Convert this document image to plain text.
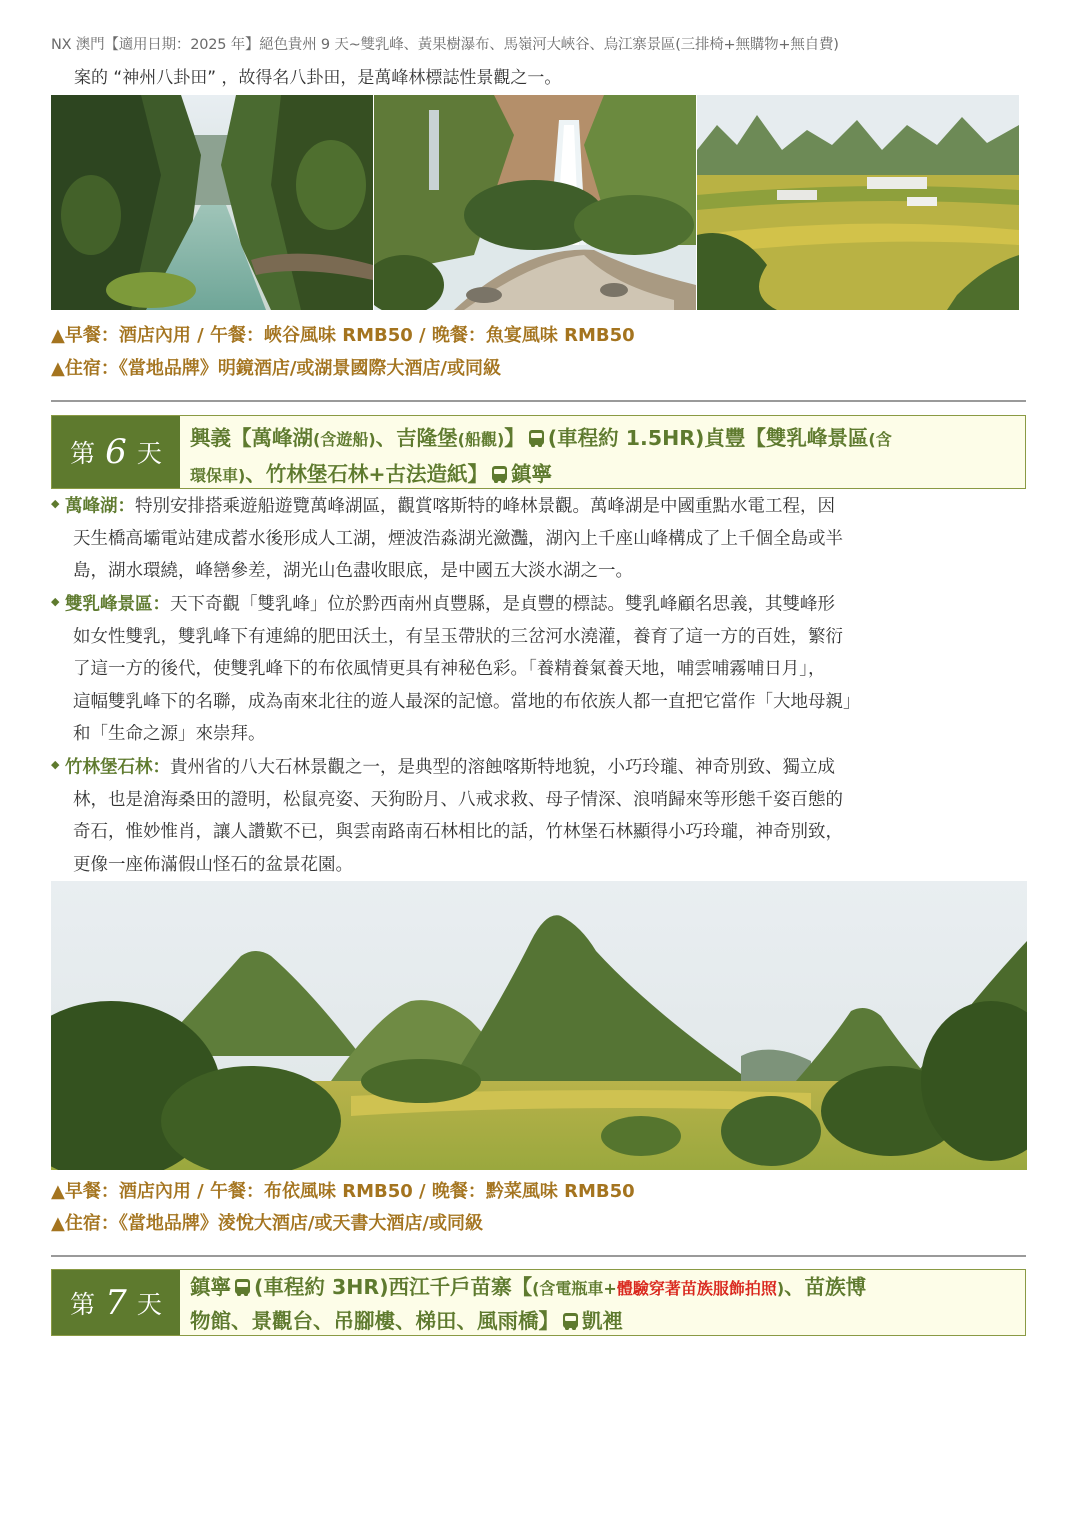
NX 澳門【適用日期：2025 年】絕色貴州 9 天~雙乳峰、黃果樹瀑布、馬嶺河大峽谷、烏江寨景區(三排椅+無購物+無自費)
案的 “神州八卦田” ，故得名八卦田，是萬峰林標誌性景觀之一。
▲早餐：酒店內用 / 午餐：峽谷風味 RMB50 / 晚餐：魚宴風味 RMB50
▲住宿：《當地品牌》明鏡酒店/或湖景國際大酒店/或同級
第 6 天
興義【萬峰湖(含遊船)、吉隆堡(船觀)】 (車程約 1.5HR)貞豐【雙乳峰景區(含
環保車)、竹林堡石林+古法造紙】 鎮寧
◆ 萬峰湖：特別安排搭乘遊船遊覽萬峰湖區，觀賞喀斯特的峰林景觀。萬峰湖是中國重點水電工程，因
天生橋高壩電站建成蓄水後形成人工湖，煙波浩淼湖光瀲灩，湖內上千座山峰構成了上千個全島或半
島，湖水環繞，峰巒參差，湖光山色盡收眼底，是中國五大淡水湖之一。
◆ 雙乳峰景區：天下奇觀「雙乳峰」位於黔西南州貞豐縣，是貞豐的標誌。雙乳峰顧名思義，其雙峰形
如女性雙乳，雙乳峰下有連綿的肥田沃土，有呈玉帶狀的三岔河水澆灌，養育了這一方的百姓，繁衍
了這一方的後代，使雙乳峰下的布依風情更具有神秘色彩。「養精養氣養天地，哺雲哺霧哺日月」，
這幅雙乳峰下的名聯，成為南來北往的遊人最深的記憶。當地的布依族人都一直把它當作「大地母親」
和「生命之源」來崇拜。
◆ 竹林堡石林：貴州省的八大石林景觀之一，是典型的溶蝕喀斯特地貌，小巧玲瓏、神奇別致、獨立成
林，也是滄海桑田的證明，松鼠亮姿、天狗盼月、八戒求救、母子情深、浪哨歸來等形態千姿百態的
奇石，惟妙惟肖，讓人讚歎不已，與雲南路南石林相比的話，竹林堡石林顯得小巧玲瓏，神奇別致，
更像一座佈滿假山怪石的盆景花園。
▲早餐：酒店內用 / 午餐：布依風味 RMB50 / 晚餐：黔菜風味 RMB50
▲住宿：《當地品牌》淩悅大酒店/或天書大酒店/或同級
第 7 天
鎮寧 (車程約 3HR)西江千戶苗寨【(含電瓶車+體驗穿著苗族服飾拍照)、苗族博
物館、景觀台、吊腳樓、梯田、風雨橋】 凱裡
